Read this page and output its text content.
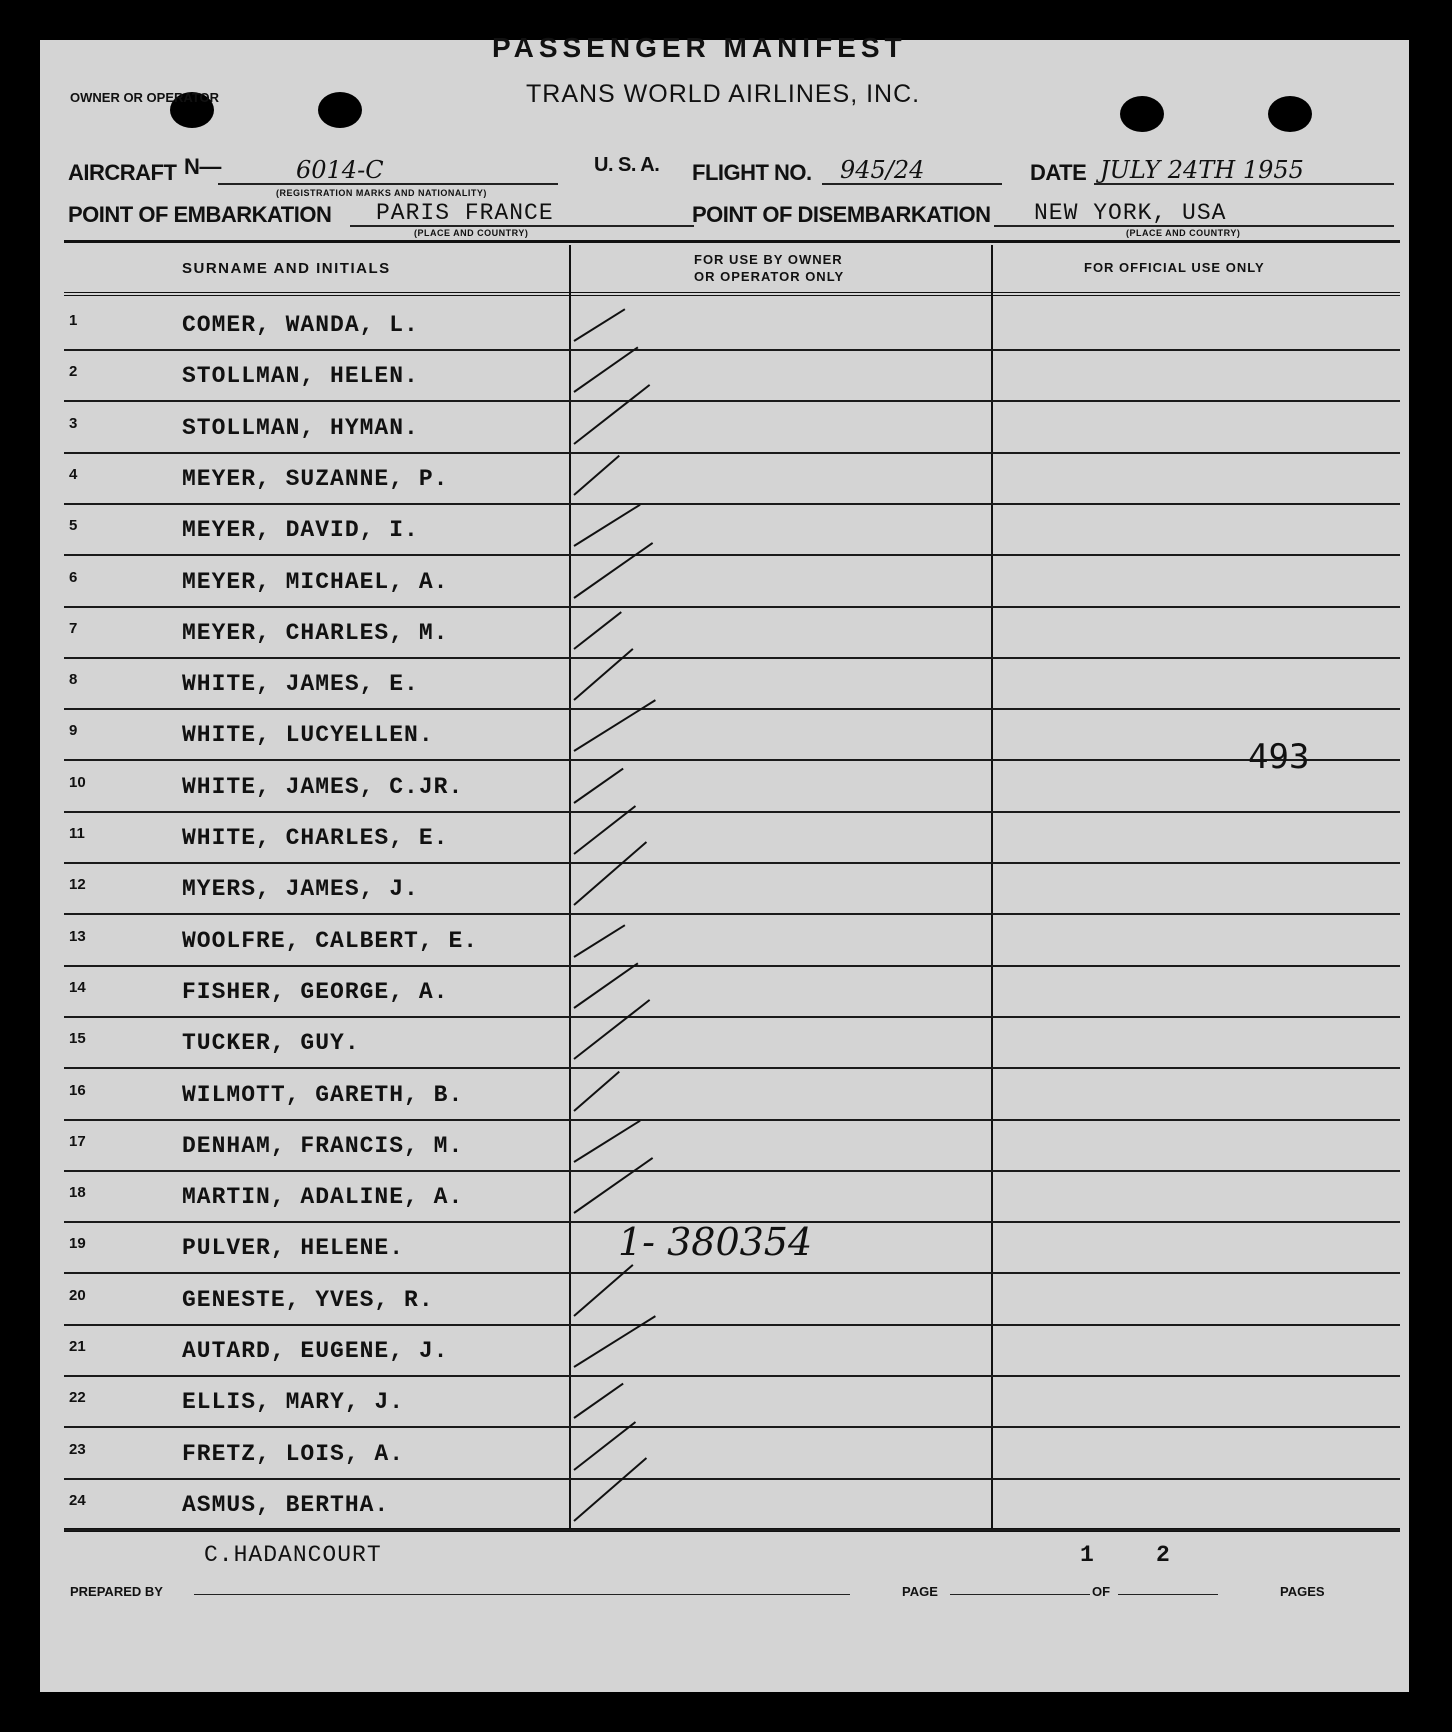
PASSENGER MANIFEST
OWNER OR OPERATOR	TRANS WORLD AIRLINES, INC.
AIRCRAFT N—	6014-C
(REGISTRATION MARKS AND NATIONALITY)
U. S. A. FLIGHT NO. 945/24	DATE JULY 24TH 1955
POINT OF EMBARKATION PARIS FRANCE
(PLACE AND COUNTRY)
POINT OF DISEMBARKATION NEW YORK, USA
(PLACE AND COUNTRY)
SURNAME AND INITIALS
FOR USE BY OWNER
OR OPERATOR ONLY
FOR OFFICIAL USE ONLY
1	COMER, WANDA, L.
2	STOLLMAN, HELEN.
3	STOLLMAN, HYMAN.
4	MEYER, SUZANNE, P.
5	MEYER, DAVID, I.
6	MEYER, MICHAEL, A.
7	MEYER, CHARLES, M.
8	WHITE, JAMES, E.
9	WHITE, LUCYELLEN.
10	WHITE, JAMES, C.JR.
11	WHITE, CHARLES, E.
12	MYERS, JAMES, J.
13	WOOLFRE, CALBERT, E.
14	FISHER, GEORGE, A.
15	TUCKER, GUY.
16	WILMOTT, GARETH, B.
17	DENHAM, FRANCIS, M.
18	MARTIN, ADALINE, A.
19	PULVER, HELENE.
20	GENESTE, YVES, R.
21	AUTARD, EUGENE, J.
22	ELLIS, MARY, J.
23	FRETZ, LOIS, A.
24	ASMUS, BERTHA.
493
1- 380354
C.HADANCOURT
PREPARED BY	PAGE
1
OF
2
PAGES
